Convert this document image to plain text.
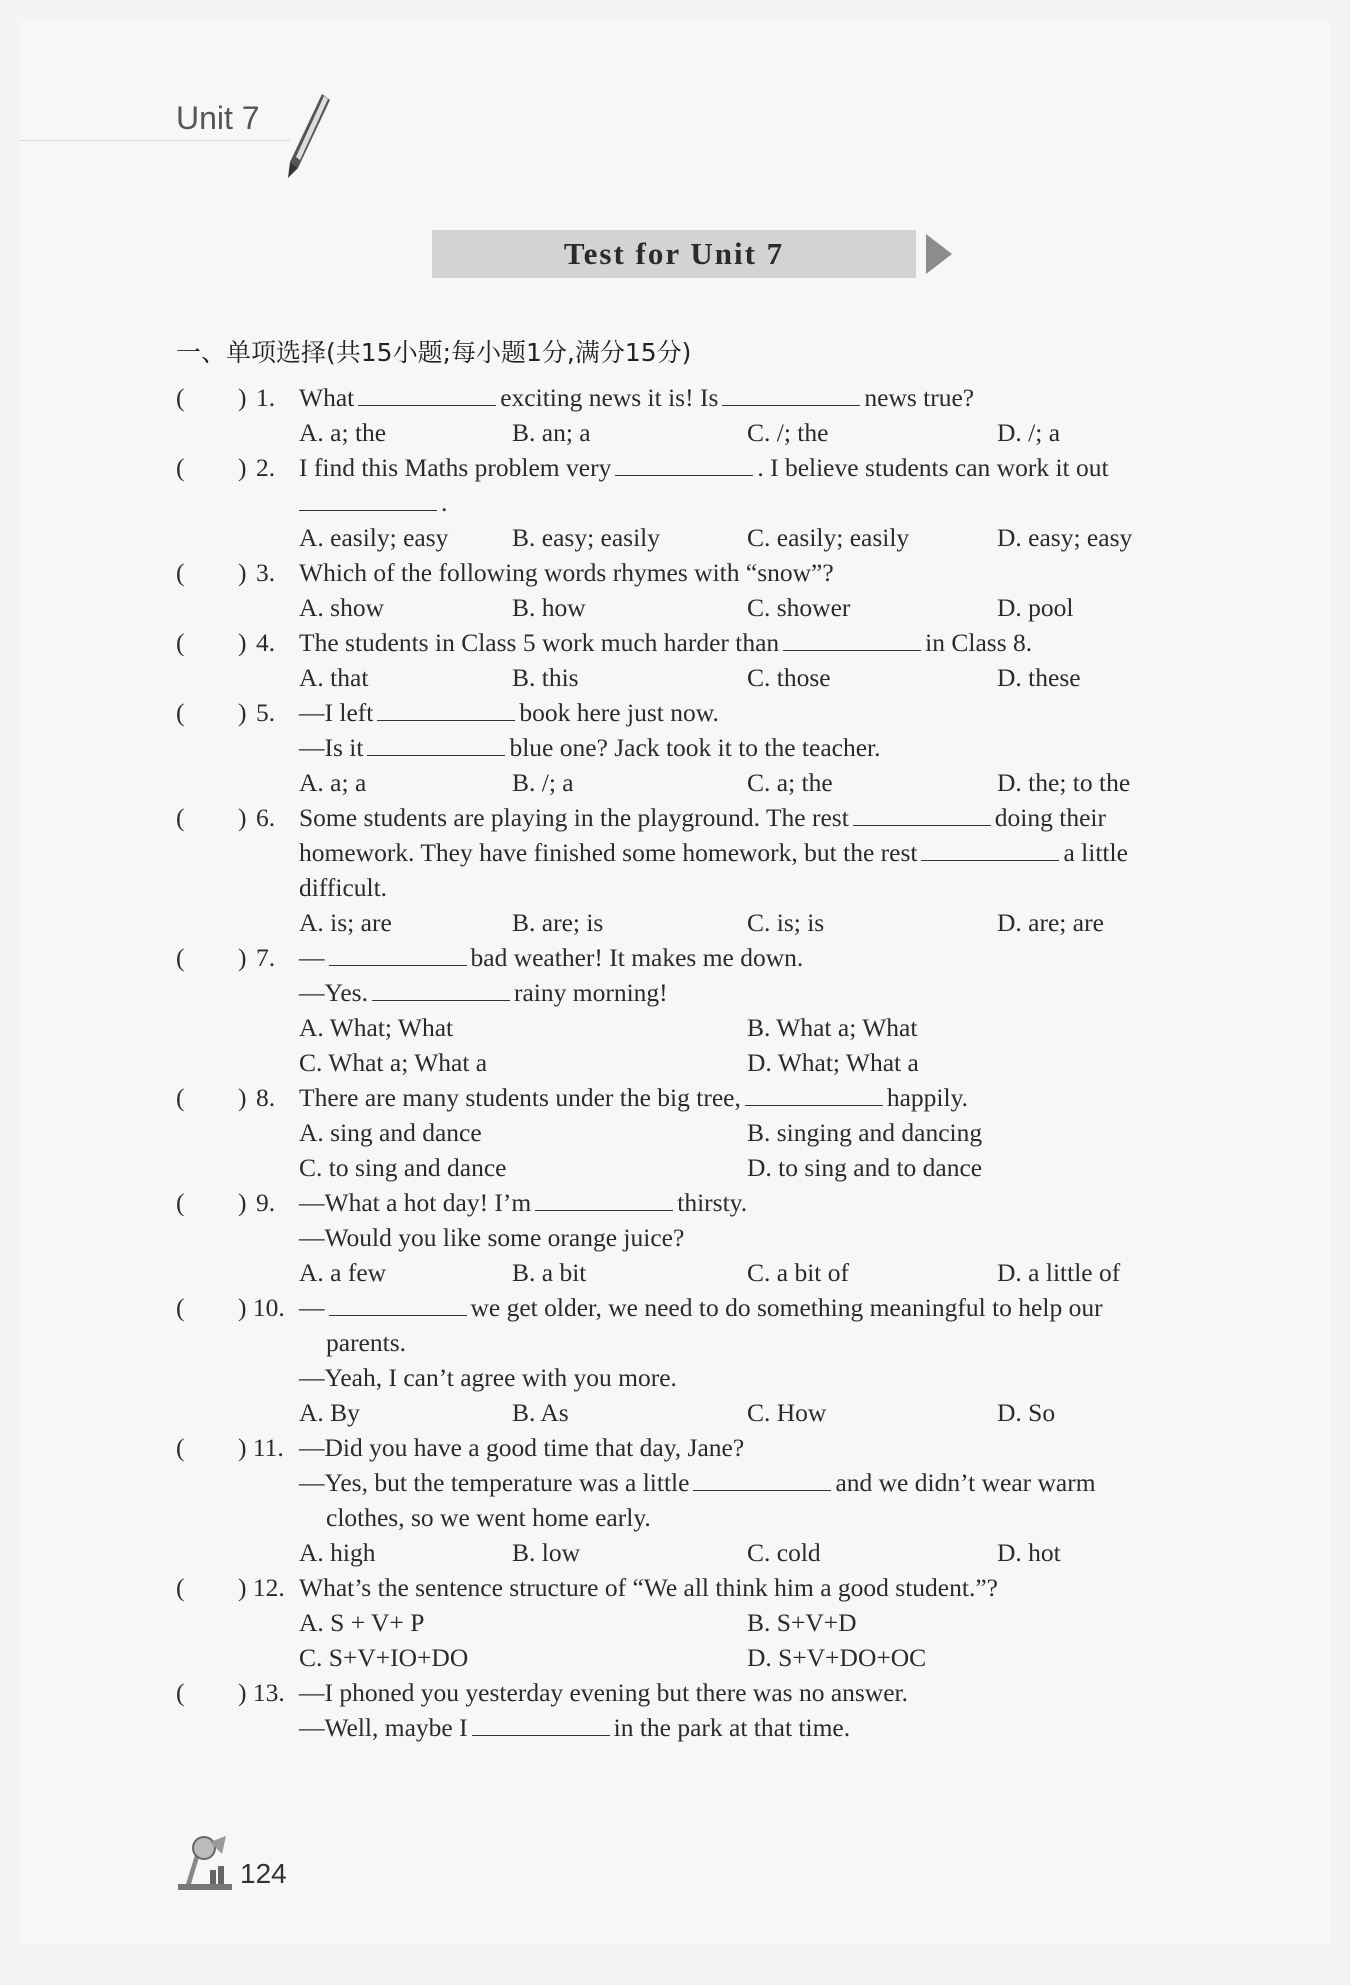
Unit 7
Test for Unit 7
一、单项选择(共15小题;每小题1分,满分15分)
( ) 1. What	exciting news it is! Is	news true?
A. a; the	B. an; a	C. /; the	D. /; a
( ) 2. I find this Maths problem very	. I believe students can work it out
.
A. easily; easy B. easy; easily	C. easily; easily	D. easy; easy
( ) 3. Which of the following words rhymes with “snow”?
A. show	B. how	C. shower	D. pool
( ) 4. The students in Class 5 work much harder than	in Class 8.
A. that	B. this	C. those	D. these
( ) 5. —I left	book here just now.
—Is it	blue one? Jack took it to the teacher.
A. a; a	B. /; a	C. a; the	D. the; to the
( ) 6. Some students are playing in the playground. The rest	doing their
homework. They have finished some homework, but the rest	a little
difficult.
A. is; are	B. are; is	C. is; is	D. are; are
( ) 7. —	bad weather! It makes me down.
—Yes.	rainy morning!
A. What; What	B. What a; What
C. What a; What a	D. What; What a
( ) 8. There are many students under the big tree,	happily.
A. sing and dance	B. singing and dancing
C. to sing and dance	D. to sing and to dance
( ) 9. —What a hot day! I’m	thirsty.
—Would you like some orange juice?
A. a few	B. a bit	C. a bit of	D. a little of
( ) 10. —	we get older, we need to do something meaningful to help our
parents.
—Yeah, I can’t agree with you more.
A. By	B. As	C. How	D. So
( ) 11. —Did you have a good time that day, Jane?
—Yes, but the temperature was a little	and we didn’t wear warm
clothes, so we went home early.
A. high	B. low	C. cold	D. hot
( ) 12. What’s the sentence structure of “We all think him a good student.”?
A. S + V+ P	B. S+V+D
C. S+V+IO+DO	D. S+V+DO+OC
( ) 13. —I phoned you yesterday evening but there was no answer.
—Well, maybe I	in the park at that time.
124
